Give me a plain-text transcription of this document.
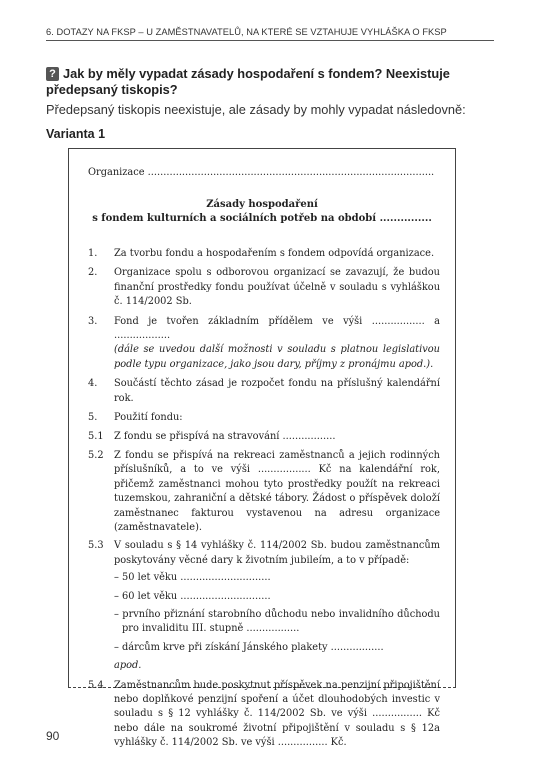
6. DOTAZY NA FKSP – U ZAMĚSTNAVATELŮ, NA KTERÉ SE VZTAHUJE VYHLÁŠKA O FKSP
? Jak by měly vypadat zásady hospodaření s fondem? Neexistuje předepsaný tiskopis?
Předepsaný tiskopis neexistuje, ale zásady by mohly vypadat následovně:
Varianta 1
Organizace ............................................................................................
Zásady hospodaření
s fondem kulturních a sociálních potřeb na období ...............
1. Za tvorbu fondu a hospodařením s fondem odpovídá organizace.
2. Organizace spolu s odborovou organizací se zavazují, že budou finanční prostředky fondu používat účelně v souladu s vyhláškou č. 114/2002 Sb.
3. Fond je tvořen základním přídělem ve výši ................. a ..................
(dále se uvedou další možnosti v souladu s platnou legislativou podle typu organizace, jako jsou dary, příjmy z pronájmu apod.).
4. Součástí těchto zásad je rozpočet fondu na příslušný kalendářní rok.
5. Použití fondu:
5.1 Z fondu se přispívá na stravování .................
5.2 Z fondu se přispívá na rekreaci zaměstnanců a jejich rodinných příslušníků, a to ve výši ................. Kč na kalendářní rok, přičemž zaměstnanci mohou tyto prostředky použít na rekreaci tuzemskou, zahraniční a dětské tábory. Žádost o příspěvek doloží zaměstnanec fakturou vystavenou na adresu organizace (zaměstnavatele).
5.3 V souladu s § 14 vyhlášky č. 114/2002 Sb. budou zaměstnancům poskytovány věcné dary k životním jubileím, a to v případě:
– 50 let věku .............................
– 60 let věku .............................
– prvního přiznání starobního důchodu nebo invalidního důchodu pro invaliditu III. stupně .................
– dárcům krve při získání Jánského plakety .................
apod.
5.4 Zaměstnancům bude poskytnut příspěvek na penzijní připojištění nebo doplňkové penzijní spoření a účet dlouhodobých investic v souladu s § 12 vyhlášky č. 114/2002 Sb. ve výši ................ Kč nebo dále na soukromé životní připojištění v souladu s § 12a vyhlášky č. 114/2002 Sb. ve výši ................ Kč.
90
